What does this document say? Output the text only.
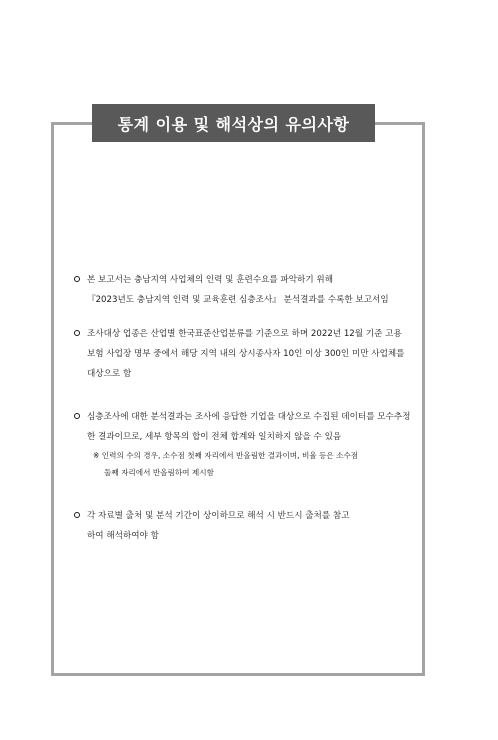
통계 이용 및 해석상의 유의사항
본 보고서는 충남지역 사업체의 인력 및 훈련수요를 파악하기 위해
『2023년도 충남지역 인력 및 교육훈련 심층조사』 분석결과를 수록한 보고서임
조사대상 업종은 산업별 한국표준산업분류를 기준으로 하며 2022년 12월 기준 고용
보험 사업장 명부 중에서 해당 지역 내의 상시종사자 10인 이상 300인 미만 사업체를
대상으로 함
심층조사에 대한 분석결과는 조사에 응답한 기업을 대상으로 수집된 데이터를 모수추정
한 결과이므로, 세부 항목의 합이 전체 합계와 일치하지 않을 수 있음
※ 인력의 수의 경우, 소수점 첫째 자리에서 반올림한 결과이며, 비율 등은 소수점
둘째 자리에서 반올림하여 제시함
각 자료별 출처 및 분석 기간이 상이하므로 해석 시 반드시 출처를 참고
하여 해석하여야 함
